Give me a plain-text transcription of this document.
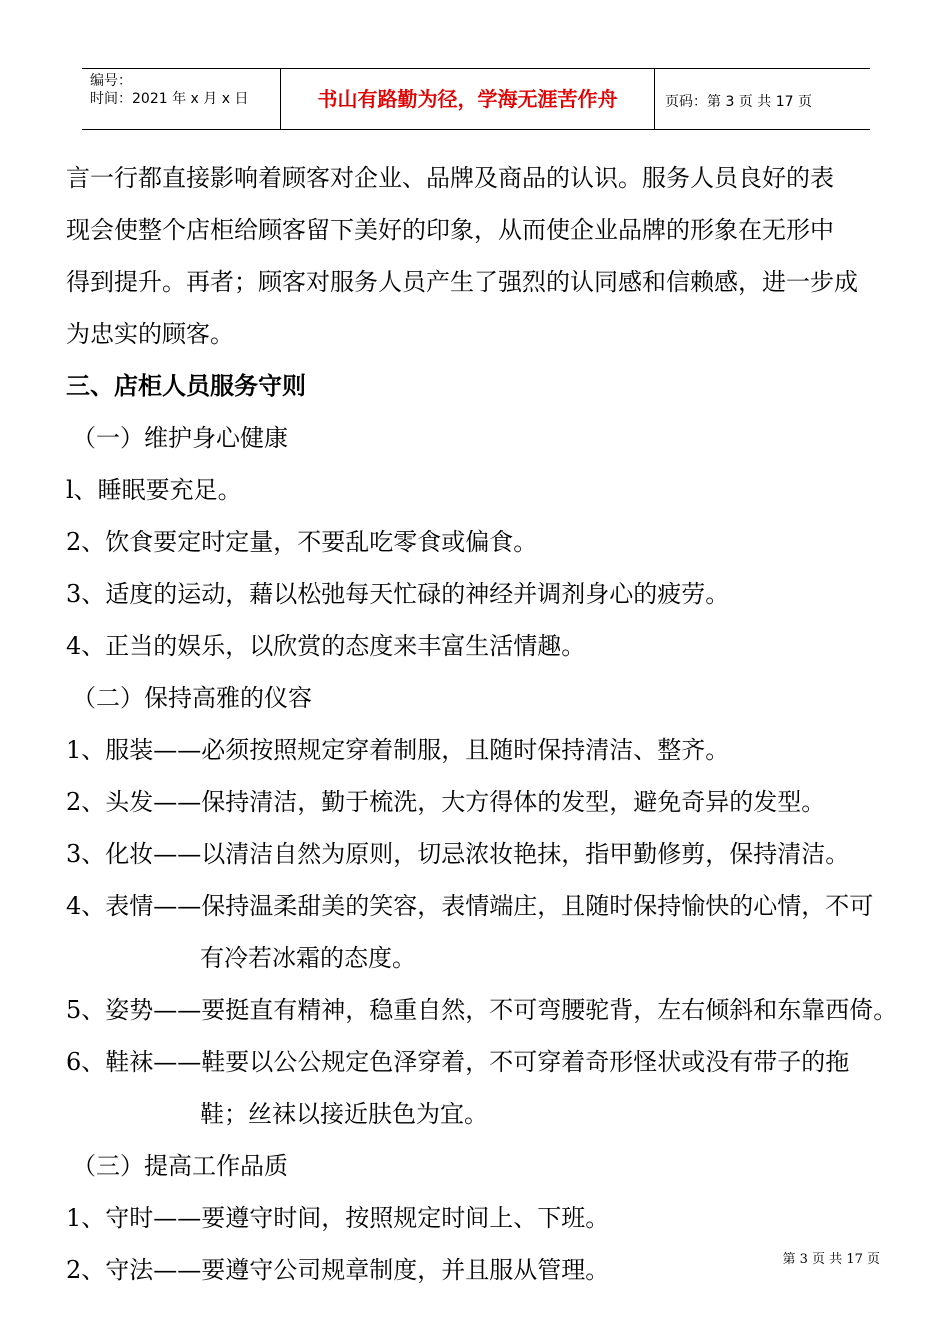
编号：
时间：2021 年 x 月 x 日	书山有路勤为径，学海无涯苦作舟	页码：第 3 页 共 17 页
言一行都直接影响着顾客对企业、品牌及商品的认识。服务人员良好的表
现会使整个店柜给顾客留下美好的印象，从而使企业品牌的形象在无形中
得到提升。再者；顾客对服务人员产生了强烈的认同感和信赖感，进一步成
为忠实的顾客。
三、店柜人员服务守则
（一）维护身心健康
l、睡眠要充足。
2、饮食要定时定量，不要乱吃零食或偏食。
3、适度的运动，藉以松弛每天忙碌的神经并调剂身心的疲劳。
4、正当的娱乐，以欣赏的态度来丰富生活情趣。
（二）保持高雅的仪容
1、服装——必须按照规定穿着制服，且随时保持清洁、整齐。
2、头发——保持清洁，勤于梳洗，大方得体的发型，避免奇异的发型。
3、化妆——以清洁自然为原则，切忌浓妆艳抹，指甲勤修剪，保持清洁。
4、表情——保持温柔甜美的笑容，表情端庄，且随时保持愉快的心情，不可
有冷若冰霜的态度。
5、姿势——要挺直有精神，稳重自然，不可弯腰驼背，左右倾斜和东靠西倚。
6、鞋袜——鞋要以公公规定色泽穿着，不可穿着奇形怪状或没有带子的拖
鞋；丝袜以接近肤色为宜。
（三）提高工作品质
1、守时——要遵守时间，按照规定时间上、下班。
2、守法——要遵守公司规章制度，并且服从管理。	第 3 页 共 17 页
